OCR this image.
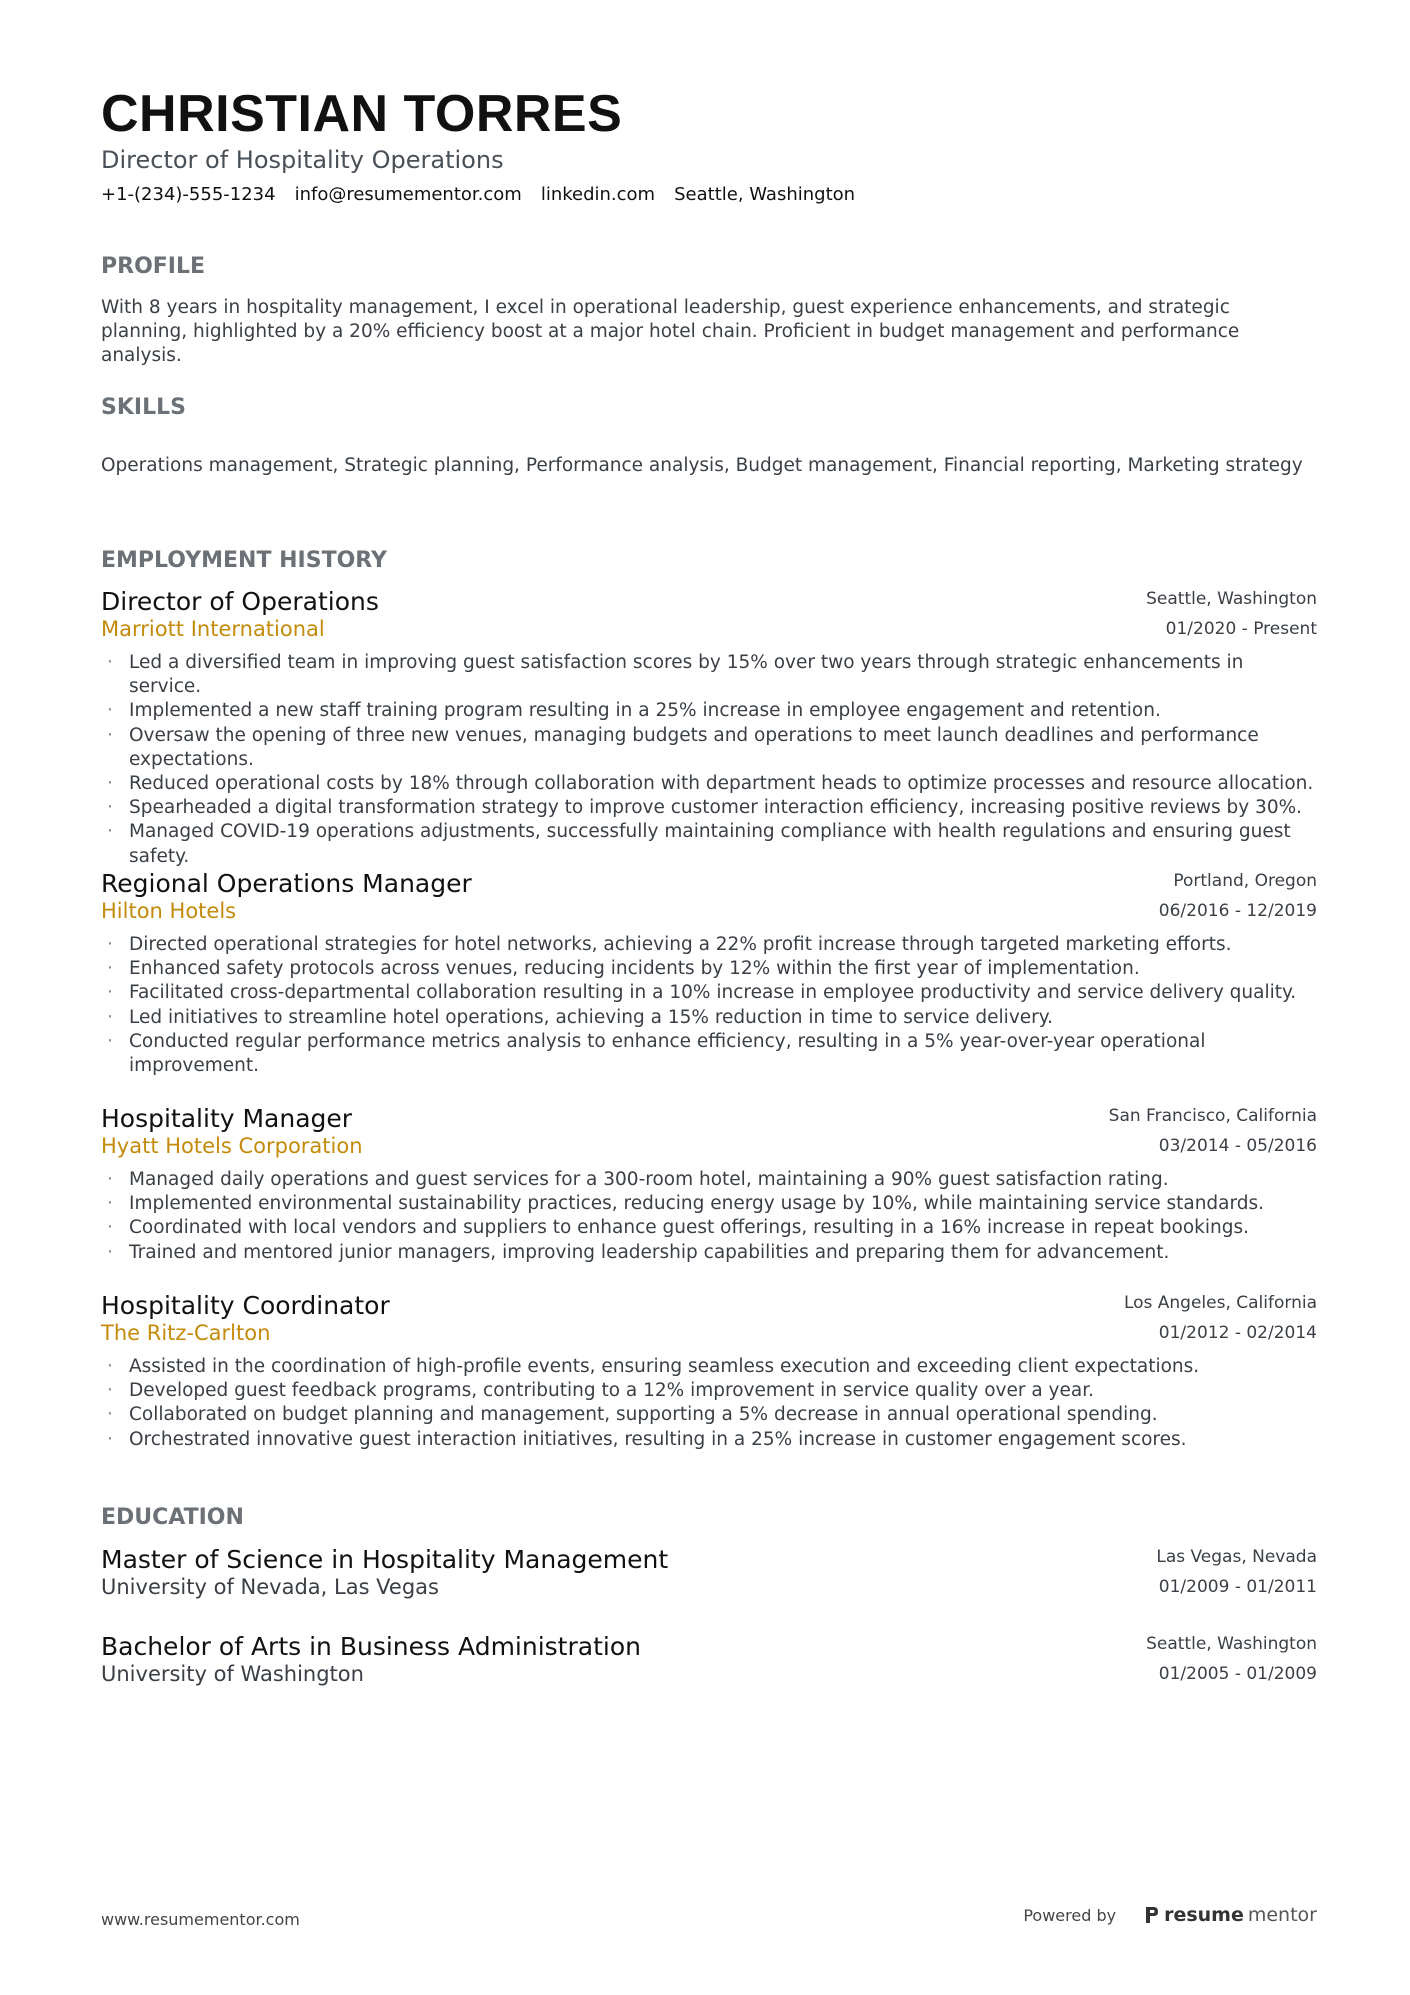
CHRISTIAN TORRES
Director of Hospitality Operations
+1-(234)-555-1234 info@resumementor.com linkedin.com Seattle, Washington
PROFILE
With 8 years in hospitality management, I excel in operational leadership, guest experience enhancements, and strategic planning, highlighted by a 20% efficiency boost at a major hotel chain. Proficient in budget management and performance analysis.
SKILLS
Operations management, Strategic planning, Performance analysis, Budget management, Financial reporting, Marketing strategy
EMPLOYMENT HISTORY
Director of Operations	Seattle, Washington
Marriott International	01/2020 - Present
· Led a diversified team in improving guest satisfaction scores by 15% over two years through strategic enhancements in service.
· Implemented a new staff training program resulting in a 25% increase in employee engagement and retention.
· Oversaw the opening of three new venues, managing budgets and operations to meet launch deadlines and performance expectations.
· Reduced operational costs by 18% through collaboration with department heads to optimize processes and resource allocation.
· Spearheaded a digital transformation strategy to improve customer interaction efficiency, increasing positive reviews by 30%.
· Managed COVID-19 operations adjustments, successfully maintaining compliance with health regulations and ensuring guest safety.
Regional Operations Manager	Portland, Oregon
Hilton Hotels	06/2016 - 12/2019
· Directed operational strategies for hotel networks, achieving a 22% profit increase through targeted marketing efforts.
· Enhanced safety protocols across venues, reducing incidents by 12% within the first year of implementation.
· Facilitated cross-departmental collaboration resulting in a 10% increase in employee productivity and service delivery quality.
· Led initiatives to streamline hotel operations, achieving a 15% reduction in time to service delivery.
· Conducted regular performance metrics analysis to enhance efficiency, resulting in a 5% year-over-year operational improvement.
Hospitality Manager	San Francisco, California
Hyatt Hotels Corporation	03/2014 - 05/2016
· Managed daily operations and guest services for a 300-room hotel, maintaining a 90% guest satisfaction rating.
· Implemented environmental sustainability practices, reducing energy usage by 10%, while maintaining service standards.
· Coordinated with local vendors and suppliers to enhance guest offerings, resulting in a 16% increase in repeat bookings.
· Trained and mentored junior managers, improving leadership capabilities and preparing them for advancement.
Hospitality Coordinator	Los Angeles, California
The Ritz-Carlton	01/2012 - 02/2014
· Assisted in the coordination of high-profile events, ensuring seamless execution and exceeding client expectations.
· Developed guest feedback programs, contributing to a 12% improvement in service quality over a year.
· Collaborated on budget planning and management, supporting a 5% decrease in annual operational spending.
· Orchestrated innovative guest interaction initiatives, resulting in a 25% increase in customer engagement scores.
EDUCATION
Master of Science in Hospitality Management	Las Vegas, Nevada
University of Nevada, Las Vegas	01/2009 - 01/2011
Bachelor of Arts in Business Administration	Seattle, Washington
University of Washington	01/2005 - 01/2009
www.resumementor.com	Powered by	resume mentor
